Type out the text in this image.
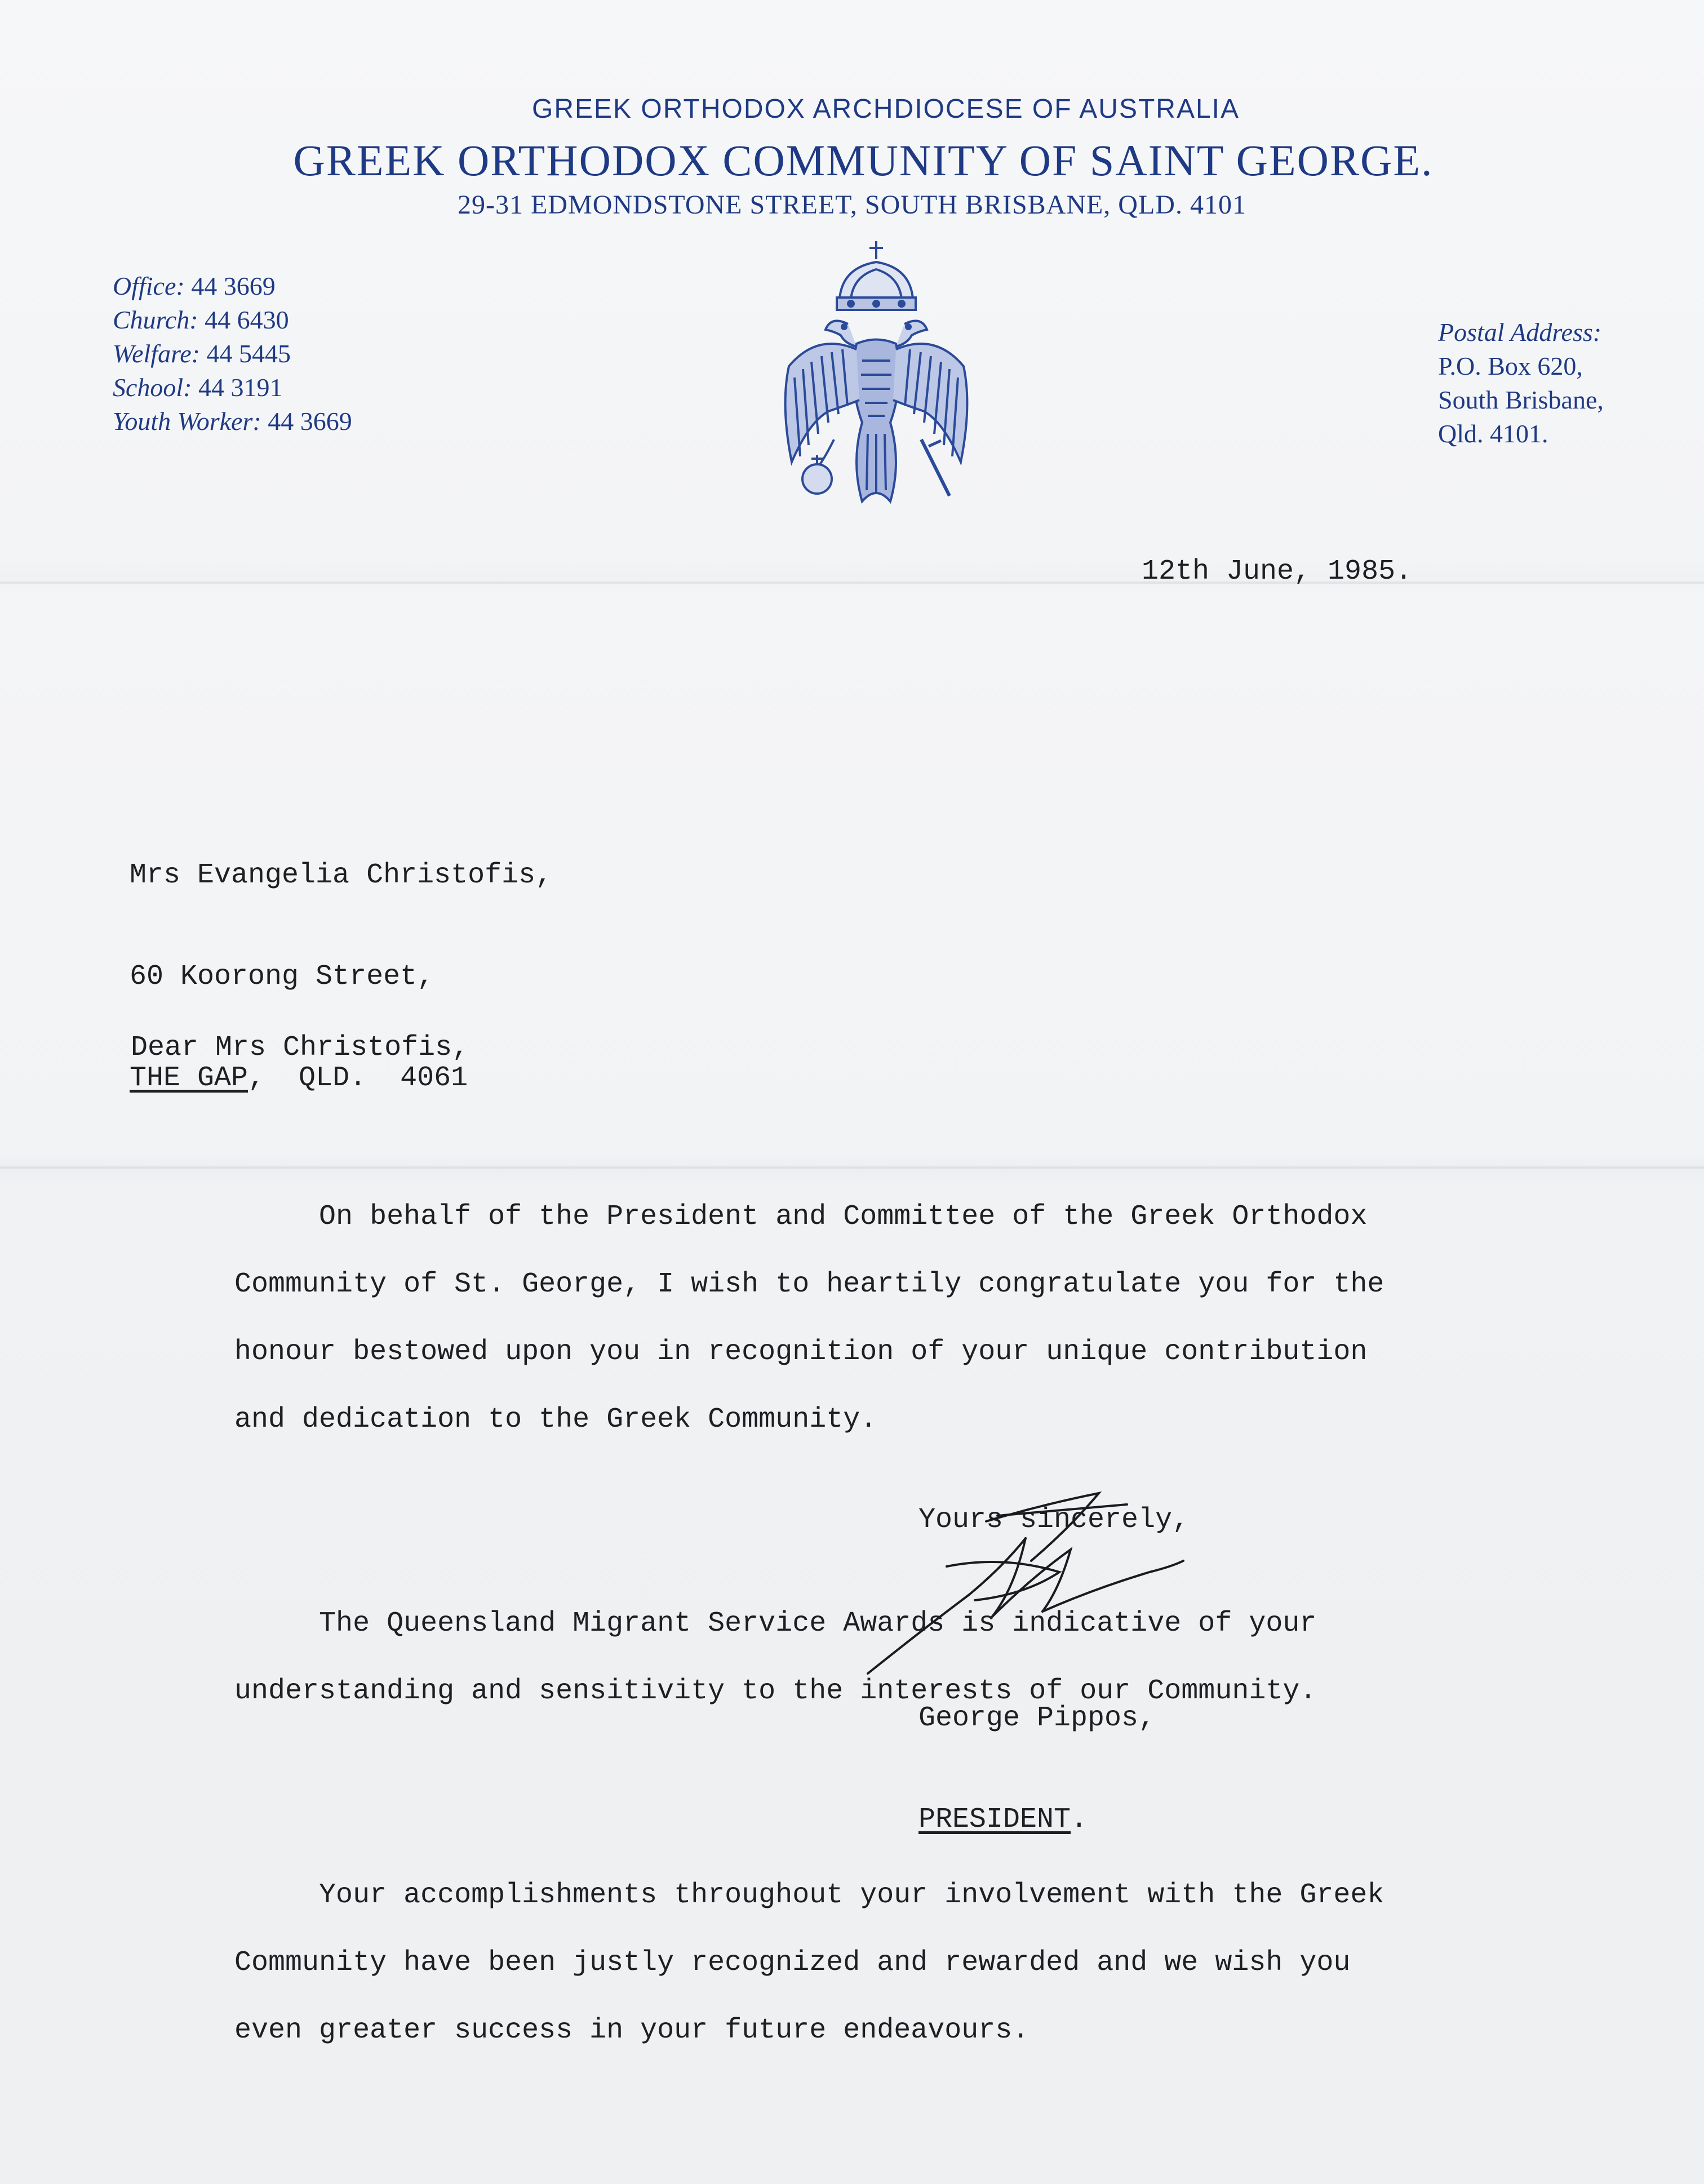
GREEK ORTHODOX ARCHDIOCESE OF AUSTRALIA
GREEK ORTHODOX COMMUNITY OF SAINT GEORGE.
29-31 EDMONDSTONE STREET, SOUTH BRISBANE, QLD. 4101
Office: 44 3669
Church: 44 6430
Welfare: 44 5445
School: 44 3191
Youth Worker: 44 3669
Postal Address:
P.O. Box 620,
South Brisbane,
Qld. 4101.
12th June, 1985.

Mrs Evangelia Christofis,

60 Koorong Street,

THE GAP,  QLD.  4061

Dear Mrs Christofis,

On behalf of the President and Committee of the Greek Orthodox

Community of St. George, I wish to heartily congratulate you for the

honour bestowed upon you in recognition of your unique contribution

and dedication to the Greek Community.

The Queensland Migrant Service Awards is indicative of your

understanding and sensitivity to the interests of our Community.

Your accomplishments throughout your involvement with the Greek

Community have been justly recognized and rewarded and we wish you

even greater success in your future endeavours.

Yours sincerely,

George Pippos,

PRESIDENT.
